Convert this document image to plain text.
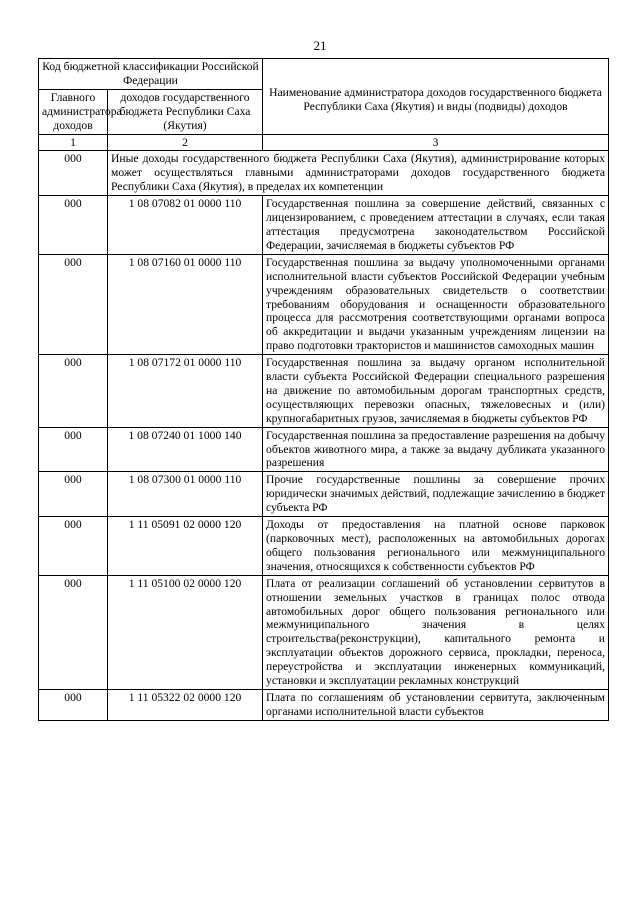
21
Код бюджетной классификации Российской Федерации		Наименование администратора доходов государственного бюджета Республики Саха (Якутия) и виды (подвиды) доходов
Главного администратора доходов	доходов государственного бюджета Республики Саха (Якутия)	
1	2	3
000	Иные доходы государственного бюджета Республики Саха (Якутия), администрирование которых может осуществляться главными администраторами доходов государственного бюджета Республики Саха (Якутия), в пределах их компетенции	
000	1 08 07082 01 0000 110	Государственная пошлина за совершение действий, связанных с лицензированием, с проведением аттестации в случаях, если такая аттестация предусмотрена законодательством Российской Федерации, зачисляемая в бюджеты субъектов РФ
000	1 08 07160 01 0000 110	Государственная пошлина за выдачу уполномоченными органами исполнительной власти субъектов Российской Федерации учебным учреждениям образовательных свидетельств о соответствии требованиям оборудования и оснащенности образовательного процесса для рассмотрения соответствующими органами вопроса об аккредитации и выдачи указанным учреждениям лицензии на право подготовки трактористов и машинистов самоходных машин
000	1 08 07172 01 0000 110	Государственная пошлина за выдачу органом исполнительной власти субъекта Российской Федерации специального разрешения на движение по автомобильным дорогам транспортных средств, осуществляющих перевозки опасных, тяжеловесных и (или) крупногабаритных грузов, зачисляемая в бюджеты субъектов РФ
000	1 08 07240 01 1000 140	Государственная пошлина за предоставление разрешения на добычу объектов животного мира, а также за выдачу дубликата указанного разрешения
000	1 08 07300 01 0000 110	Прочие государственные пошлины за совершение прочих юридически значимых действий, подлежащие зачислению в бюджет субъекта РФ
000	1 11 05091 02 0000 120	Доходы от предоставления на платной основе парковок (парковочных мест), расположенных на автомобильных дорогах общего пользования регионального или межмуниципального значения, относящихся к собственности субъектов РФ
000	1 11 05100 02 0000 120	Плата от реализации соглашений об установлении сервитутов в отношении земельных участков в границах полос отвода автомобильных дорог общего пользования регионального или межмуниципального значения в целях строительства(реконструкции), капитального ремонта и эксплуатации объектов дорожного сервиса, прокладки, переноса, переустройства и эксплуатации инженерных коммуникаций, установки и эксплуатации рекламных конструкций
000	1 11 05322 02 0000 120	Плата по соглашениям об установлении сервитута, заключенным органами исполнительной власти субъектов
